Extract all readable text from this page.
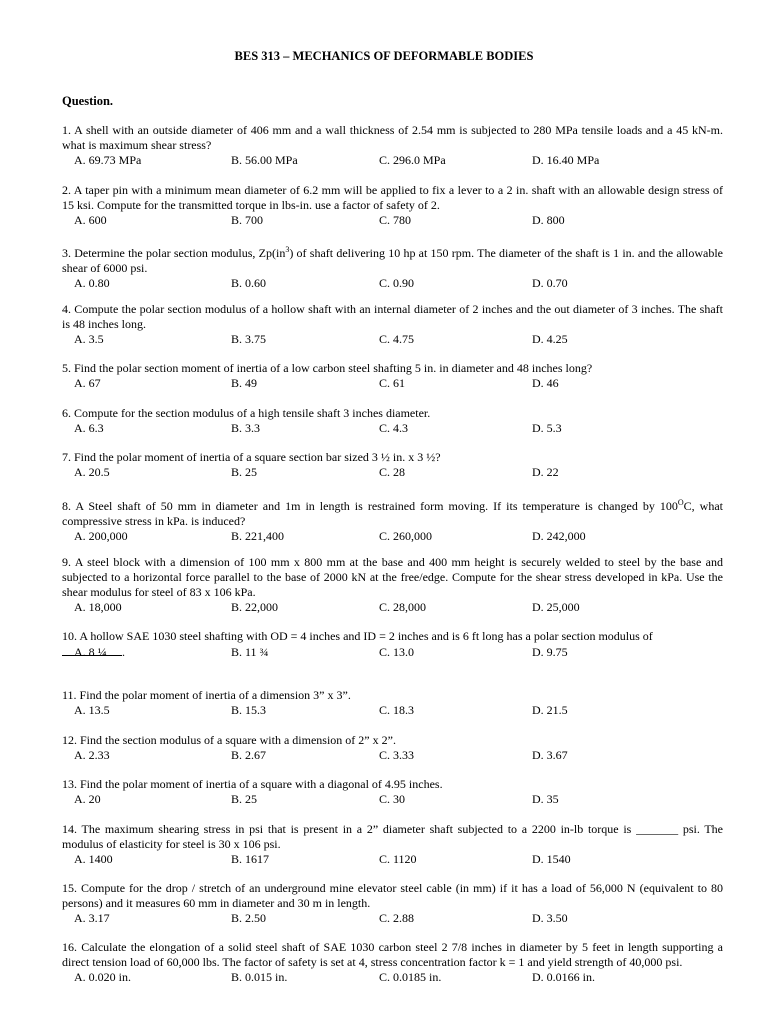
BES 313 – MECHANICS OF DEFORMABLE BODIES
Question.
1. A shell with an outside diameter of 406 mm and a wall thickness of 2.54 mm is subjected to 280 MPa tensile loads and a 45 kN-m. what is maximum shear stress?
A. 69.73 MPa	B. 56.00 MPa	C. 296.0 MPa	D. 16.40 MPa
2. A taper pin with a minimum mean diameter of 6.2 mm will be applied to fix a lever to a 2 in. shaft with an allowable design stress of 15 ksi. Compute for the transmitted torque in lbs-in. use a factor of safety of 2.
A. 600	B. 700	C. 780	D. 800
3. Determine the polar section modulus, $Zp(in^3)$ of shaft delivering 10 hp at 150 rpm. The diameter of the shaft is 1 in. and the allowable shear of 6000 psi.
A. 0.80	B. 0.60	C. 0.90	D. 0.70
4. Compute the polar section modulus of a hollow shaft with an internal diameter of 2 inches and the out diameter of 3 inches. The shaft is 48 inches long.
A. 3.5	B. 3.75	C. 4.75	D. 4.25
5. Find the polar section moment of inertia of a low carbon steel shafting 5 in. in diameter and 48 inches long?
A. 67	B. 49	C. 61	D. 46
6. Compute for the section modulus of a high tensile shaft 3 inches diameter.
A. 6.3	B. 3.3	C. 4.3	D. 5.3
7. Find the polar moment of inertia of a square section bar sized 3 ½ in. x 3 ½?
A. 20.5	B. 25	C. 28	D. 22
8. A Steel shaft of 50 mm in diameter and 1m in length is restrained form moving. If its temperature is changed by $100^OC$, what compressive stress in kPa. is induced?
A. 200,000	B. 221,400	C. 260,000	D. 242,000
9. A steel block with a dimension of 100 mm x 800 mm at the base and 400 mm height is securely welded to steel by the base and subjected to a horizontal force parallel to the base of 2000 kN at the free/edge. Compute for the shear stress developed in kPa. Use the shear modulus for steel of 83 x 106 kPa.
A. 18,000	B. 22,000	C. 28,000	D. 25,000
10. A hollow SAE 1030 steel shafting with OD = 4 inches and ID = 2 inches and is 6 ft long has a polar section modulus of
.
A. 8 ¼	B. 11 ¾	C. 13.0	D. 9.75
11. Find the polar moment of inertia of a dimension 3” x 3”.
A. 13.5	B. 15.3	C. 18.3	D. 21.5
12. Find the section modulus of a square with a dimension of 2” x 2”.
A. 2.33	B. 2.67	C. 3.33	D. 3.67
13. Find the polar moment of inertia of a square with a diagonal of 4.95 inches.
A. 20	B. 25	C. 30	D. 35
14. The maximum shearing stress in psi that is present in a 2” diameter shaft subjected to a 2200 in-lb torque is _______ psi. The modulus of elasticity for steel is 30 x 106 psi.
A. 1400	B. 1617	C. 1120	D. 1540
15. Compute for the drop / stretch of an underground mine elevator steel cable (in mm) if it has a load of 56,000 N (equivalent to 80 persons) and it measures 60 mm in diameter and 30 m in length.
A. 3.17	B. 2.50	C. 2.88	D. 3.50
16. Calculate the elongation of a solid steel shaft of SAE 1030 carbon steel 2 7/8 inches in diameter by 5 feet in length supporting a direct tension load of 60,000 lbs. The factor of safety is set at 4, stress concentration factor k = 1 and yield strength of 40,000 psi.
A. 0.020 in.	B. 0.015 in.	C. 0.0185 in.	D. 0.0166 in.
